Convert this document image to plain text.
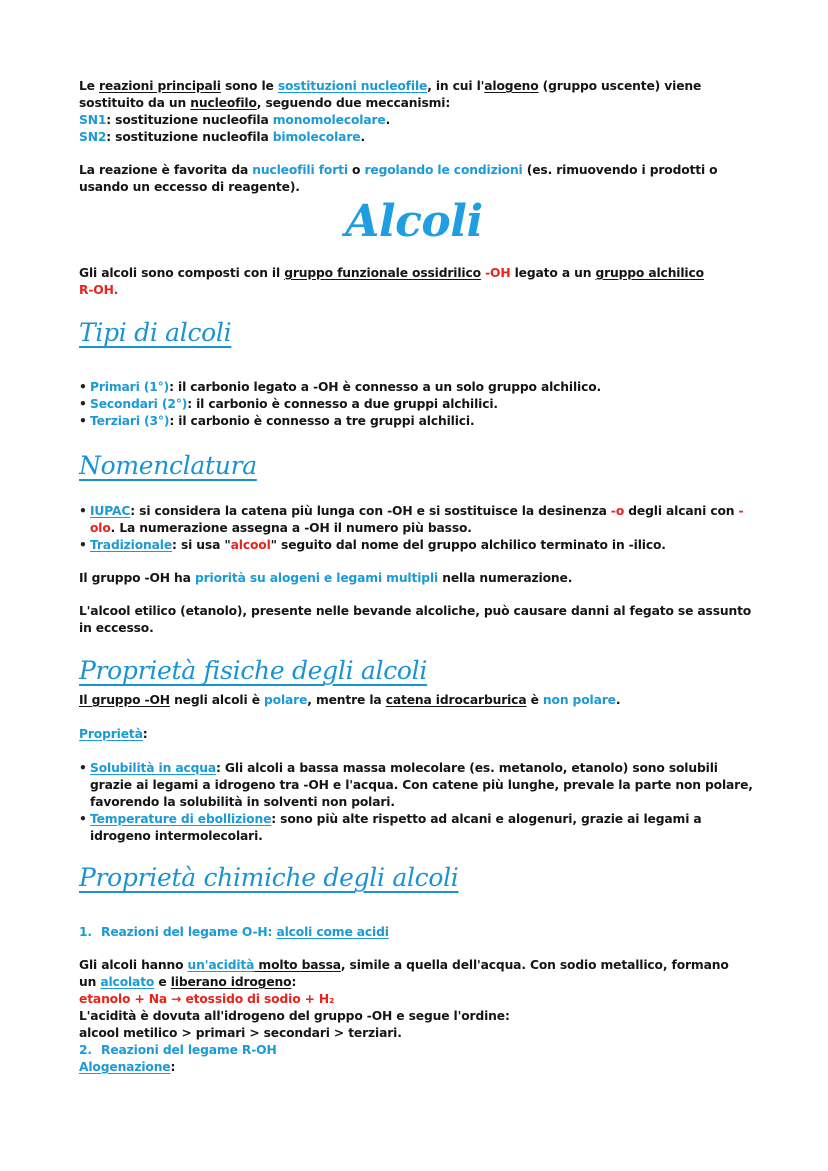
Le reazioni principali sono le sostituzioni nucleofile, in cui l'alogeno (gruppo uscente) viene sostituito da un nucleofilo, seguendo due meccanismi:
SN1: sostituzione nucleofila monomolecolare.
SN2: sostituzione nucleofila bimolecolare.
La reazione è favorita da nucleofili forti o regolando le condizioni (es. rimuovendo i prodotti o usando un eccesso di reagente).
Alcoli
Gli alcoli sono composti con il gruppo funzionale ossidrilico -OH legato a un gruppo alchilico
R-OH.
Tipi di alcoli
• Primari (1°): il carbonio legato a -OH è connesso a un solo gruppo alchilico.
• Secondari (2°): il carbonio è connesso a due gruppi alchilici.
• Terziari (3°): il carbonio è connesso a tre gruppi alchilici.
Nomenclatura
• IUPAC: si considera la catena più lunga con -OH e si sostituisce la desinenza -o degli alcani con -olo. La numerazione assegna a -OH il numero più basso.
• Tradizionale: si usa "alcool" seguito dal nome del gruppo alchilico terminato in -ilico.
Il gruppo -OH ha priorità su alogeni e legami multipli nella numerazione.
L'alcool etilico (etanolo), presente nelle bevande alcoliche, può causare danni al fegato se assunto in eccesso.
Proprietà fisiche degli alcoli
Il gruppo -OH negli alcoli è polare, mentre la catena idrocarburica è non polare.
Proprietà:
• Solubilità in acqua: Gli alcoli a bassa massa molecolare (es. metanolo, etanolo) sono solubili grazie ai legami a idrogeno tra -OH e l'acqua. Con catene più lunghe, prevale la parte non polare, favorendo la solubilità in solventi non polari.
• Temperature di ebollizione: sono più alte rispetto ad alcani e alogenuri, grazie ai legami a idrogeno intermolecolari.
Proprietà chimiche degli alcoli
1. Reazioni del legame O-H: alcoli come acidi
Gli alcoli hanno un'acidità molto bassa, simile a quella dell'acqua. Con sodio metallico, formano un alcolato e liberano idrogeno:
etanolo + Na → etossido di sodio + H₂
L'acidità è dovuta all'idrogeno del gruppo -OH e segue l'ordine:
alcool metilico > primari > secondari > terziari.
2. Reazioni del legame R-OH
Alogenazione:
